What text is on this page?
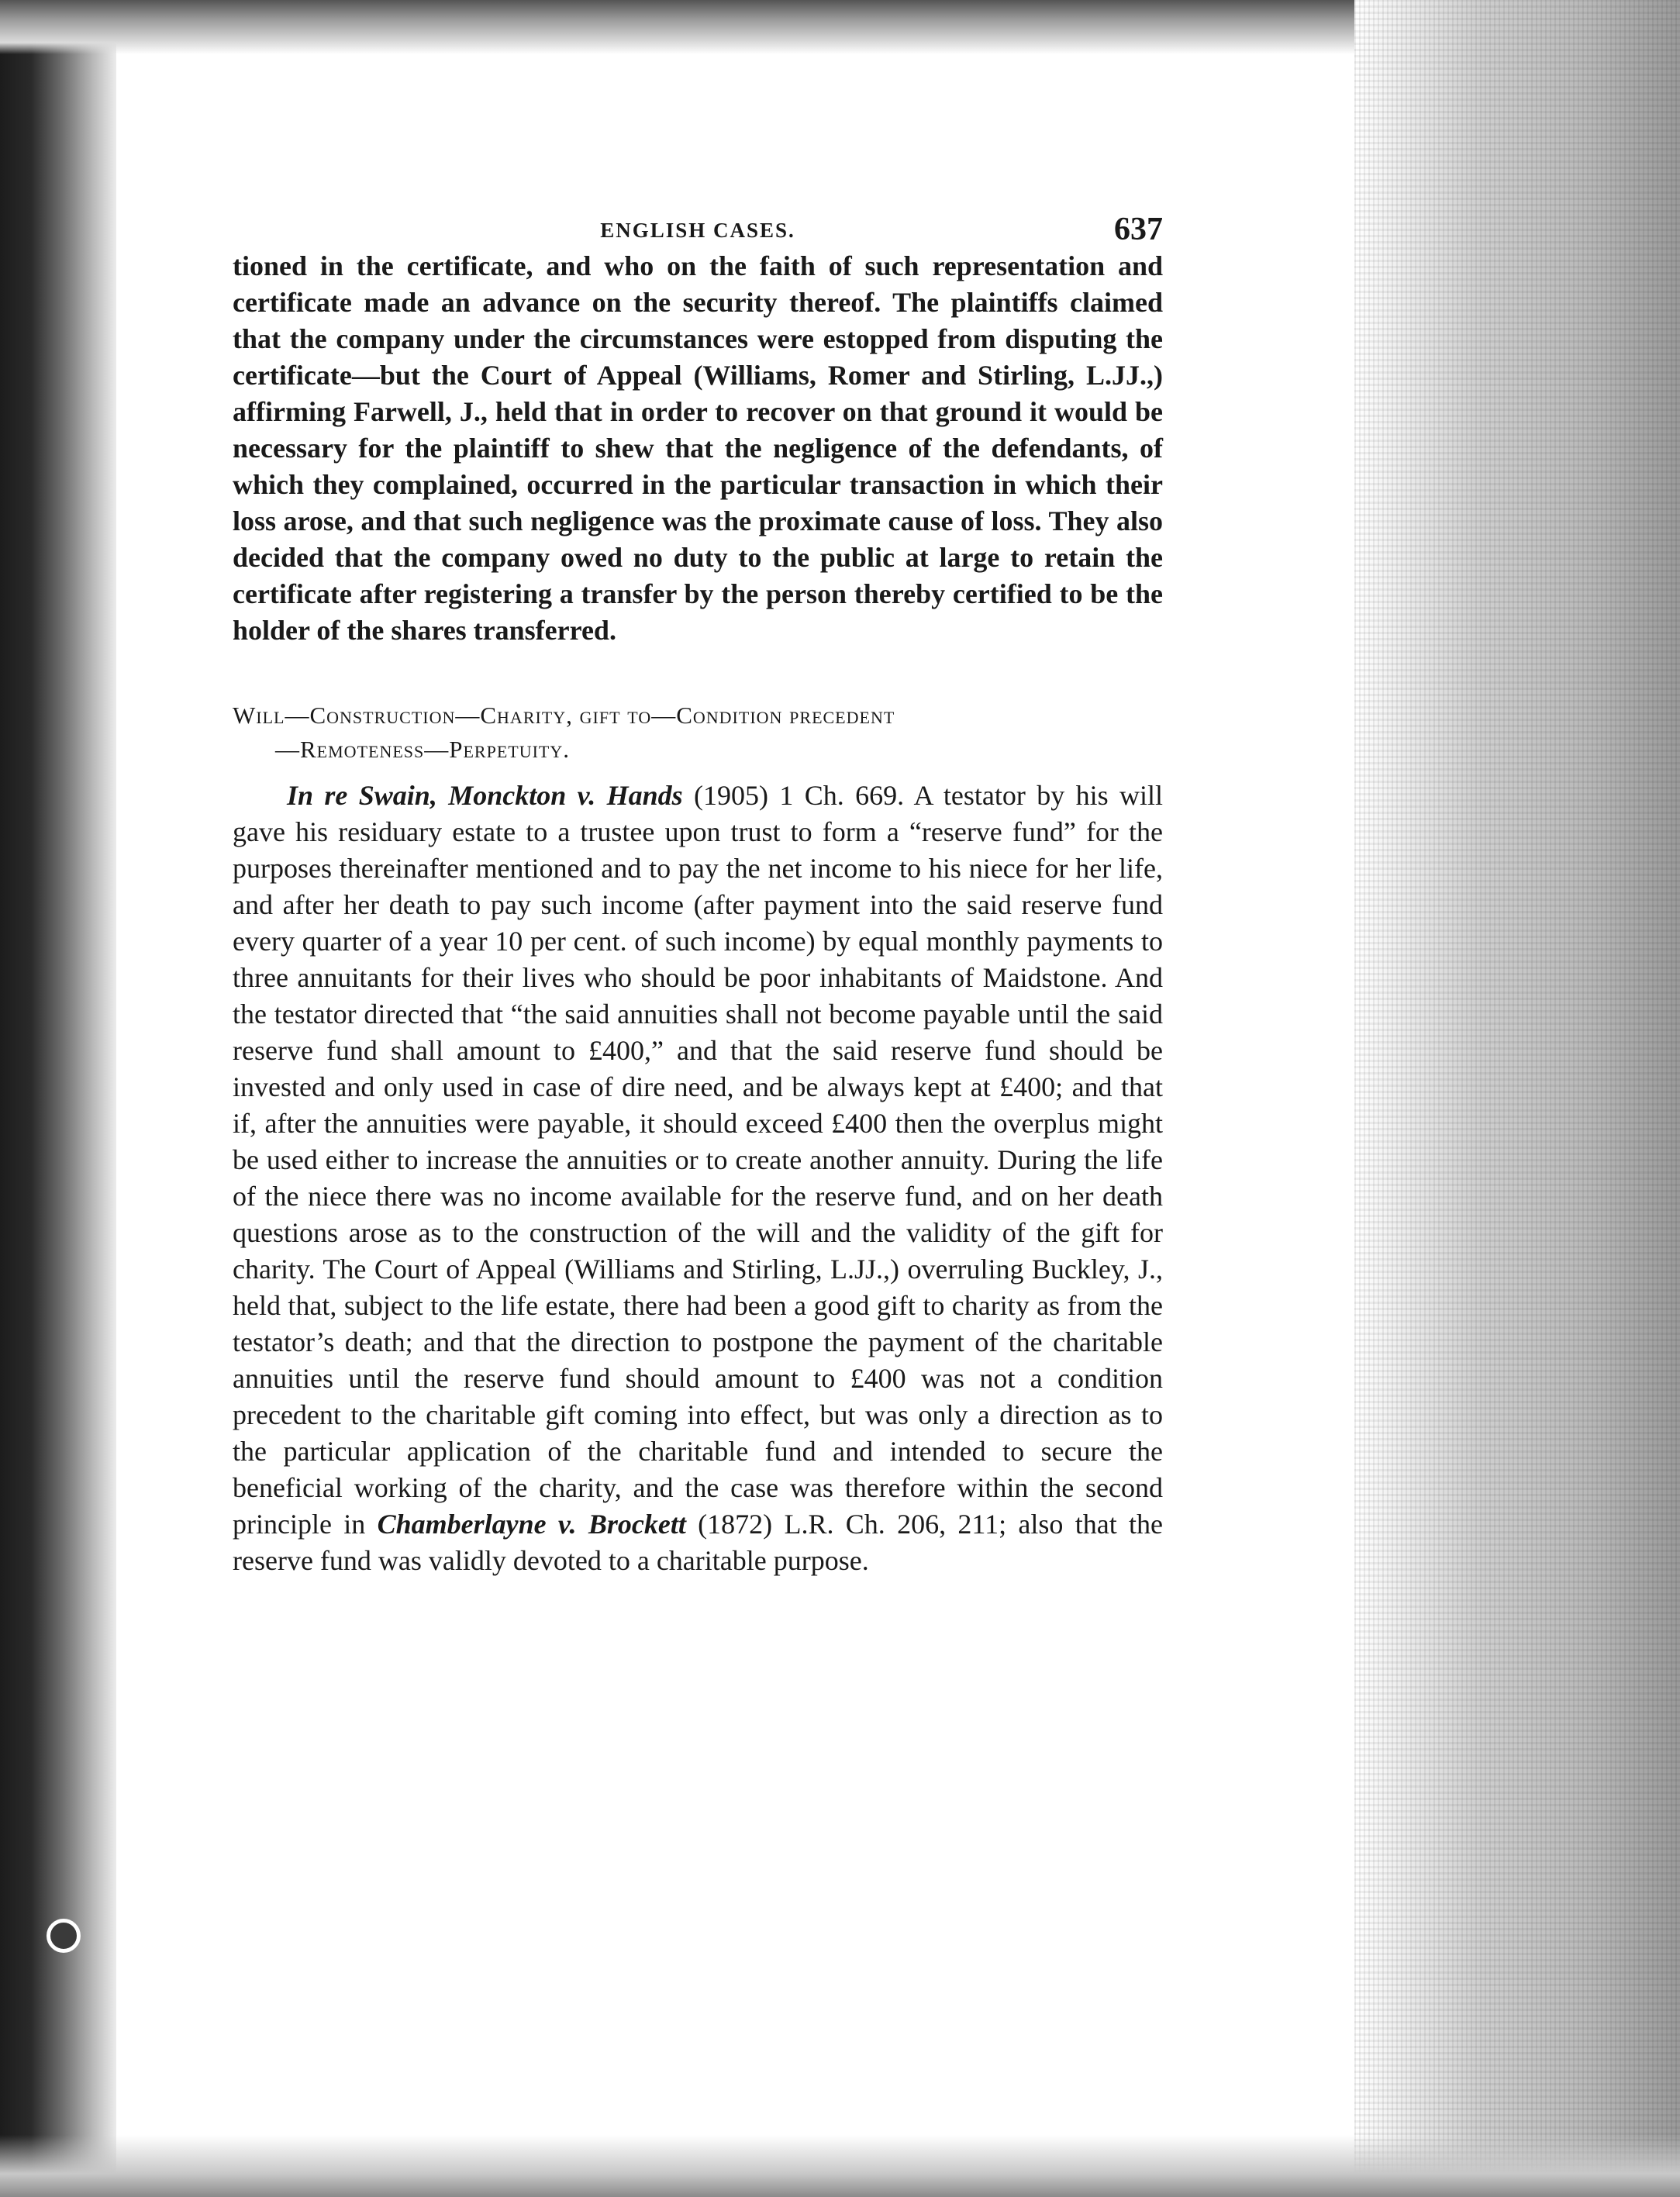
ENGLISH CASES.	637

tioned in the certificate, and who on the faith of such representation and certificate made an advance on the security thereof. The plaintiffs claimed that the company under the circumstances were estopped from disputing the certificate—but the Court of Appeal (Williams, Romer and Stirling, L.JJ.,) affirming Farwell, J., held that in order to recover on that ground it would be necessary for the plaintiff to shew that the negligence of the defendants, of which they complained, occurred in the particular transaction in which their loss arose, and that such negligence was the proximate cause of loss. They also decided that the company owed no duty to the public at large to retain the certificate after registering a transfer by the person thereby certified to be the holder of the shares transferred.

Will—Construction—Charity, gift to—Condition precedent
—Remoteness—Perpetuity.

In re Swain, Monckton v. Hands (1905) 1 Ch. 669. A testator by his will gave his residuary estate to a trustee upon trust to form a “reserve fund” for the purposes thereinafter mentioned and to pay the net income to his niece for her life, and after her death to pay such income (after payment into the said reserve fund every quarter of a year 10 per cent. of such income) by equal monthly payments to three annuitants for their lives who should be poor inhabitants of Maidstone. And the testator directed that “the said annuities shall not become payable until the said reserve fund shall amount to £400,” and that the said reserve fund should be invested and only used in case of dire need, and be always kept at £400; and that if, after the annuities were payable, it should exceed £400 then the overplus might be used either to increase the annuities or to create another annuity. During the life of the niece there was no income available for the reserve fund, and on her death questions arose as to the construction of the will and the validity of the gift for charity. The Court of Appeal (Williams and Stirling, L.JJ.,) overruling Buckley, J., held that, subject to the life estate, there had been a good gift to charity as from the testator’s death; and that the direction to postpone the payment of the charitable annuities until the reserve fund should amount to £400 was not a condition precedent to the charitable gift coming into effect, but was only a direction as to the particular application of the charitable fund and intended to secure the beneficial working of the charity, and the case was therefore within the second principle in Chamberlayne v. Brockett (1872) L.R. Ch. 206, 211; also that the reserve fund was validly devoted to a charitable purpose.
